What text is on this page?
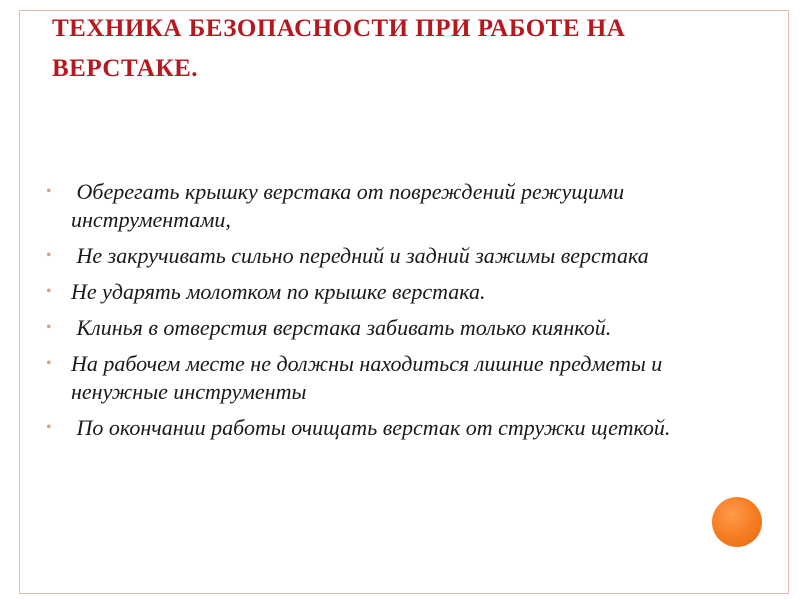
ТЕХНИКА БЕЗОПАСНОСТИ ПРИ РАБОТЕ НА ВЕРСТАКЕ.
• Оберегать крышку верстака от повреждений режущими инструментами,
• Не закручивать сильно передний и задний зажимы верстака
• Не ударять молотком по крышке верстака.
• Клинья в отверстия верстака забивать только киянкой.
• На рабочем месте не должны находиться лишние предметы и ненужные инструменты
• По окончании работы очищать верстак от стружки щеткой.
